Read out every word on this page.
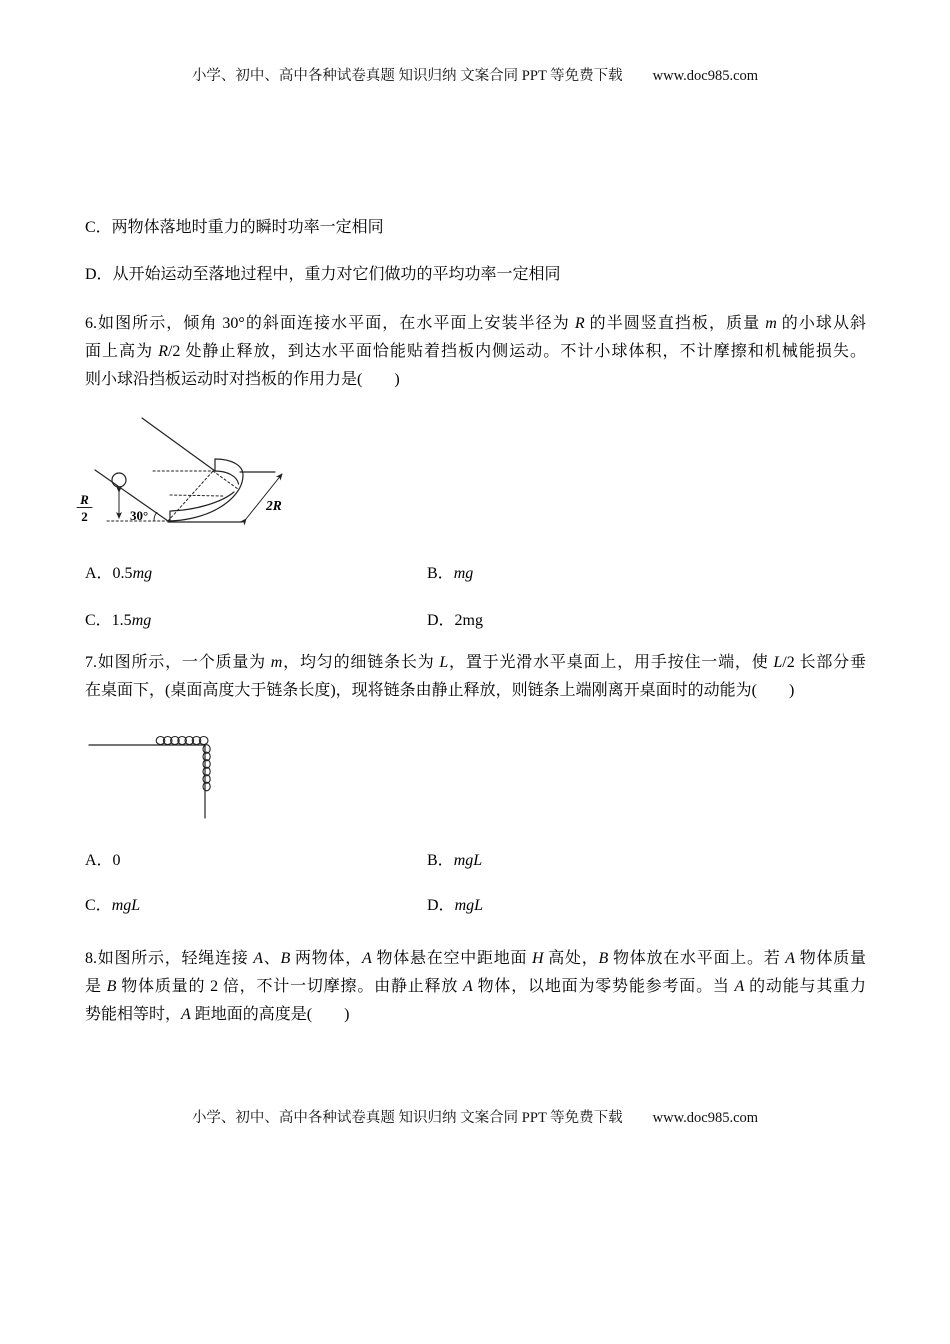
小学、初中、高中各种试卷真题 知识归纳 文案合同 PPT 等免费下载 www.doc985.com
C．两物体落地时重力的瞬时功率一定相同
D．从开始运动至落地过程中，重力对它们做功的平均功率一定相同
6.如图所示，倾角 30°的斜面连接水平面，在水平面上安装半径为 R 的半圆竖直挡板，质量 m 的小球从斜
面上高为 R/2 处静止释放，到达水平面恰能贴着挡板内侧运动。不计小球体积，不计摩擦和机械能损失。
则小球沿挡板运动时对挡板的作用力是(　　)
R
2	30°
2R
A．0.5mg	B．mg
C．1.5mg	D．2mg
7.如图所示，一个质量为 m，均匀的细链条长为 L，置于光滑水平桌面上，用手按住一端，使 L/2 长部分垂
在桌面下，(桌面高度大于链条长度)，现将链条由静止释放，则链条上端刚离开桌面时的动能为(　　)
A．0	B．mgL
C．mgL	D．mgL
8.如图所示，轻绳连接 A、B 两物体，A 物体悬在空中距地面 H 高处，B 物体放在水平面上。若 A 物体质量
是 B 物体质量的 2 倍，不计一切摩擦。由静止释放 A 物体，以地面为零势能参考面。当 A 的动能与其重力
势能相等时，A 距地面的高度是(　　)
小学、初中、高中各种试卷真题 知识归纳 文案合同 PPT 等免费下载 www.doc985.com
